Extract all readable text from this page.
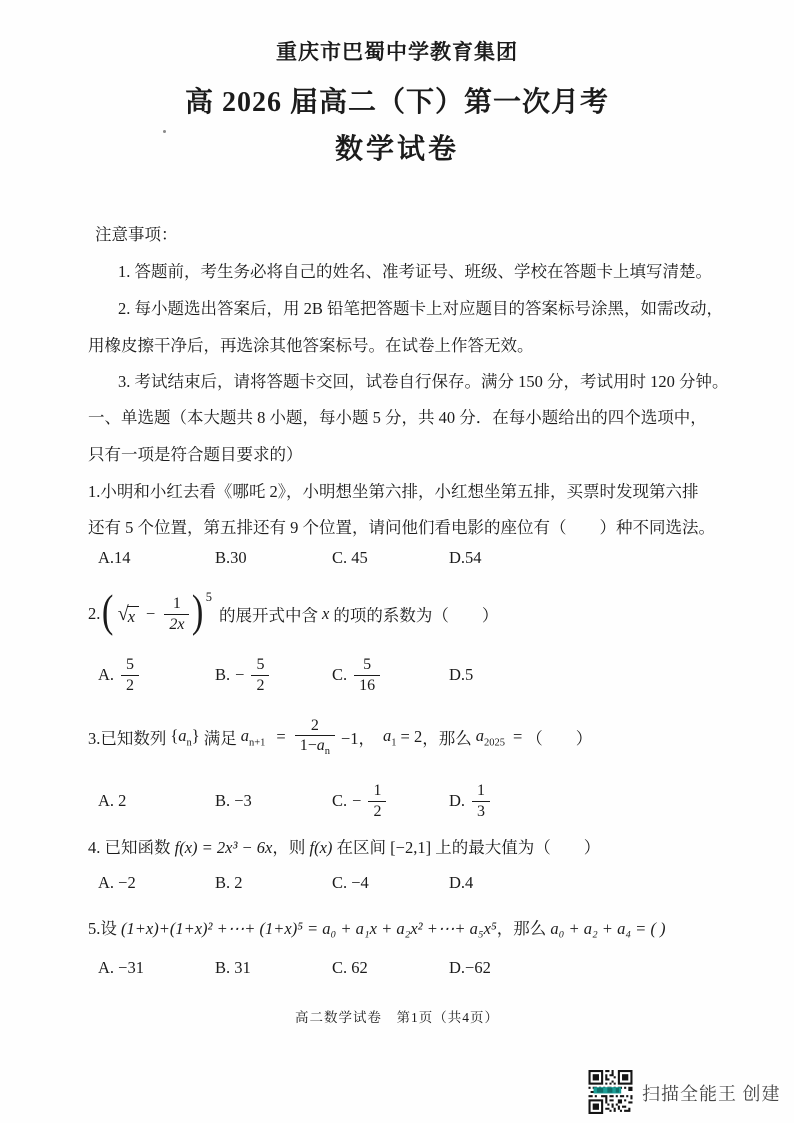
重庆市巴蜀中学教育集团
高 2026 届高二（下）第一次月考
数学试卷
注意事项：
1. 答题前，考生务必将自己的姓名、准考证号、班级、学校在答题卡上填写清楚。
2. 每小题选出答案后，用 2B 铅笔把答题卡上对应题目的答案标号涂黑，如需改动，
用橡皮擦干净后，再选涂其他答案标号。在试卷上作答无效。
3. 考试结束后，请将答题卡交回，试卷自行保存。满分 150 分，考试用时 120 分钟。
一、单选题（本大题共 8 小题，每小题 5 分，共 40 分．在每小题给出的四个选项中，
只有一项是符合题目要求的）
1.小明和小红去看《哪吒 2》，小明想坐第六排，小红想坐第五排，买票时发现第六排
还有 5 个位置，第五排还有 9 个位置，请问他们看电影的座位有（　　）种不同选法。
A.14	B.30	C. 45	D.54
2. ( √ $x - \frac{1}{2x}$ ) 5
的展开式中含 x 的项的系数为（　　）
A. $\frac{5}{2}$	B. − $\frac{5}{2}$	C. $\frac{5}{16}$	D.5
3.已知数列 $\{a_n\}$ 满足 $a_{n+1} = \frac{2}{1-a_n} -1$， $a_1 = 2$ ，那么 $a_{2025}$ = （　　）
A. 2	B. −3	C. − $\frac{1}{2}$	D. $\frac{1}{3}$
4. 已知函数 f(x) = 2x³ − 6x，则 f(x) 在区间 [−2,1] 上的最大值为（　　）
A. −2	B. 2	C. −4	D.4
5.设 (1+x)+(1+x)² +⋯+ (1+x)⁵ = a₀ + a₁x + a₂x² +⋯+ a₅x⁵，那么 a₀ + a₂ + a₄ = ( )
A. −31	B. 31	C. 62	D.−62
高二数学试卷　第1页（共4页）
扫描全能王 创建
